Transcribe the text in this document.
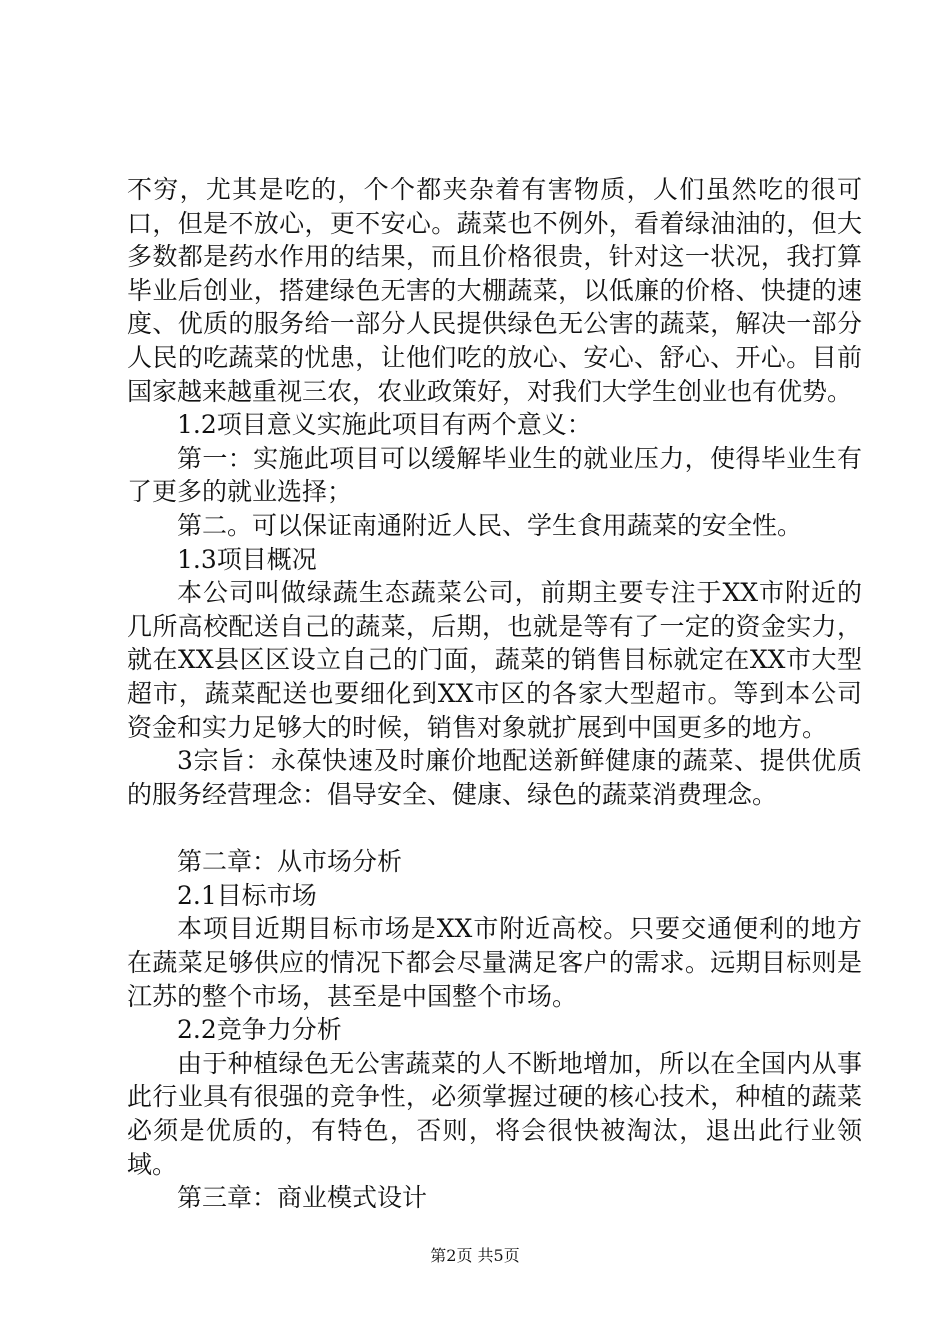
不穷，尤其是吃的，个个都夹杂着有害物质，人们虽然吃的很可口，但是不放心，更不安心。蔬菜也不例外，看着绿油油的，但大多数都是药水作用的结果，而且价格很贵，针对这一状况，我打算毕业后创业，搭建绿色无害的大棚蔬菜，以低廉的价格、快捷的速度、优质的服务给一部分人民提供绿色无公害的蔬菜，解决一部分人民的吃蔬菜的忧患，让他们吃的放心、安心、舒心、开心。目前国家越来越重视三农，农业政策好，对我们大学生创业也有优势。

1.2项目意义实施此项目有两个意义：

第一：实施此项目可以缓解毕业生的就业压力，使得毕业生有了更多的就业选择；

第二。可以保证南通附近人民、学生食用蔬菜的安全性。

1.3项目概况

本公司叫做绿蔬生态蔬菜公司，前期主要专注于XX市附近的几所高校配送自己的蔬菜，后期，也就是等有了一定的资金实力，就在XX县区区设立自己的门面，蔬菜的销售目标就定在XX市大型超市，蔬菜配送也要细化到XX市区的各家大型超市。等到本公司资金和实力足够大的时候，销售对象就扩展到中国更多的地方。

3宗旨：永葆快速及时廉价地配送新鲜健康的蔬菜、提供优质的服务经营理念：倡导安全、健康、绿色的蔬菜消费理念。

第二章：从市场分析

2.1目标市场

本项目近期目标市场是XX市附近高校。只要交通便利的地方在蔬菜足够供应的情况下都会尽量满足客户的需求。远期目标则是江苏的整个市场，甚至是中国整个市场。

2.2竞争力分析

由于种植绿色无公害蔬菜的人不断地增加，所以在全国内从事此行业具有很强的竞争性，必须掌握过硬的核心技术，种植的蔬菜必须是优质的，有特色，否则，将会很快被淘汰，退出此行业领域。

第三章：商业模式设计

第2页 共5页
